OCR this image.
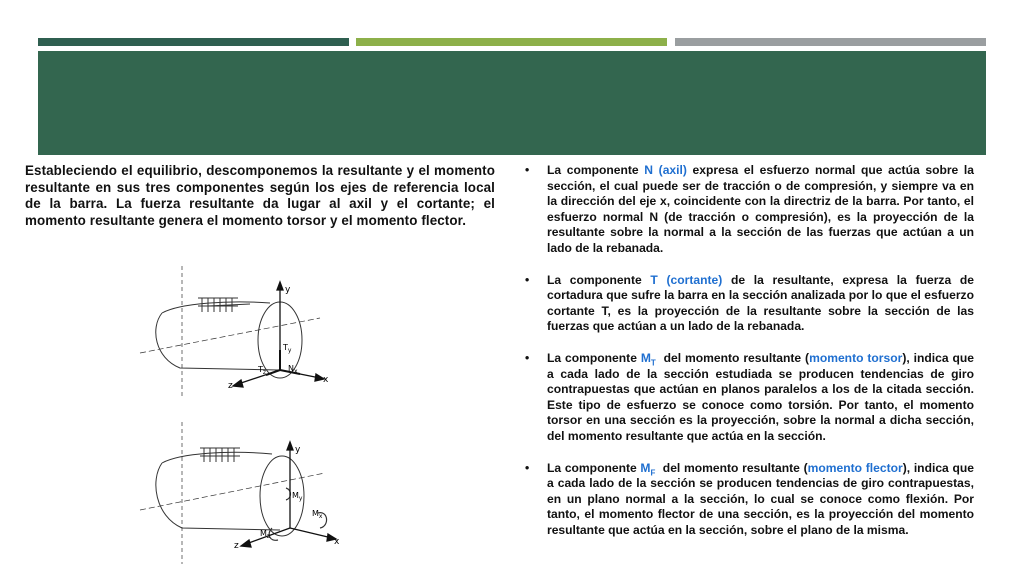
Estableciendo el equilibrio, descomponemos la resultante y el momento resultante en sus tres componentes según los ejes de referencia local de la barra. La fuerza resultante da lugar al axil y el cortante; el momento resultante genera el momento torsor y el momento flector.
• La componente N (axil) expresa el esfuerzo normal que actúa sobre la sección, el cual puede ser de tracción o de compresión, y siempre va en la dirección del eje x, coincidente con la directriz de la barra. Por tanto, el esfuerzo normal N (de tracción o compresión), es la proyección de la resultante sobre la normal a la sección de las fuerzas que actúan a un lado de la rebanada.
• La componente T (cortante) de la resultante, expresa la fuerza de cortadura que sufre la barra en la sección analizada por lo que el esfuerzo cortante T, es la proyección de la resultante sobre la sección de las fuerzas que actúan a un lado de la rebanada.
• La componente $M_T$  del momento resultante (momento torsor), indica que a cada lado de la sección estudiada se producen tendencias de giro contrapuestas que actúan en planos paralelos a los de la citada sección. Este tipo de esfuerzo se conoce como torsión. Por tanto, el momento torsor en una sección es la proyección, sobre la normal a dicha sección, del momento resultante que actúa en la sección.
• La componente $M_F$  del momento resultante (momento flector), indica que a cada lado de la sección se producen tendencias de giro contrapuestas, en un plano normal a la sección, lo cual se conoce como flexión. Por tanto, el momento flector de una sección, es la proyección del momento resultante que actúa en la sección, sobre el plano de la misma.
y
x
z
$T_y$
$T_z$	$N_x$
y
x
z
$M_y$
$M_z$
$M_x$
